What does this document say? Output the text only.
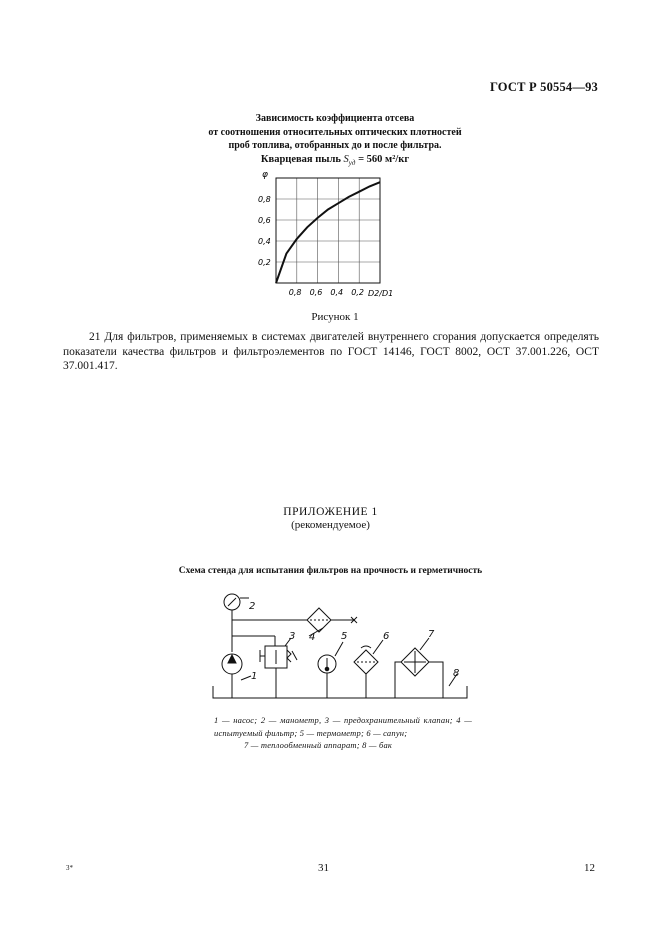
ГОСТ Р 50554—93
Зависимость коэффициента отсева
от соотношения относительных оптических плотностей
проб топлива, отобранных до и после фильтра.
Кварцевая пыль $S_{уд} = 560$ м²/кг
0,8 0,6 0,4 0,2
0,2
0,4
0,6
0,8
φ
D2/D1
Рисунок 1
21 Для фильтров, применяемых в системах двигателей внутреннего сгорания допускается определять показатели качества фильтров и фильтроэлементов по ГОСТ 14146, ГОСТ 8002, ОСТ 37.001.226, ОСТ 37.001.417.
ПРИЛОЖЕНИЕ 1
(рекомендуемое)
Схема стенда для испытания фильтров на прочность и герметичность
2
3 4	5	6	7
8
1
1 — насос; 2 — манометр, 3 — предохранительный клапан; 4 — испытуемый фильтр; 5 — термометр; 6 — сапун;
7 — теплообменный аппарат; 8 — бак
3*	31	12
